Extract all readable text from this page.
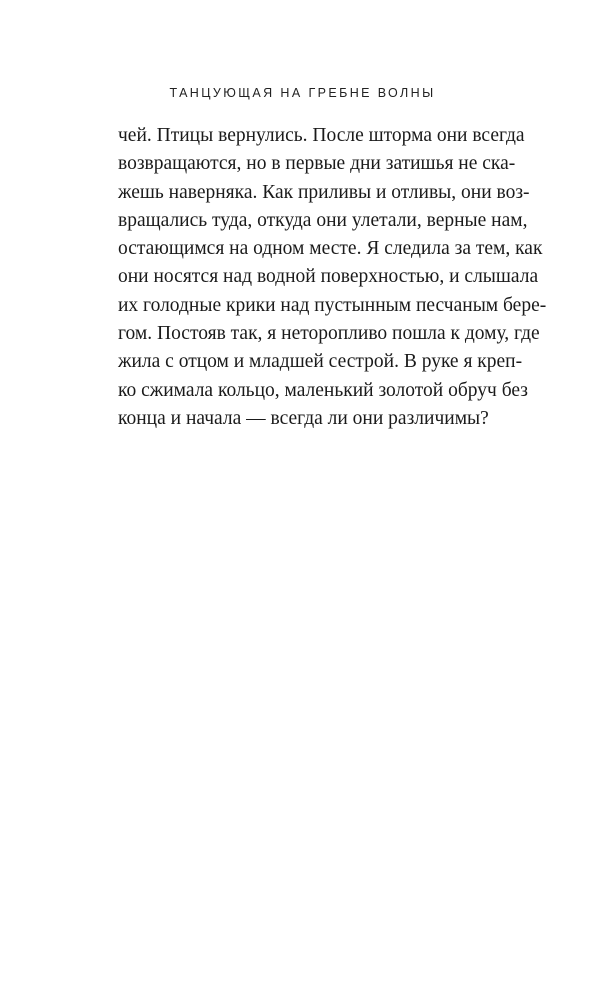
ТАНЦУЮЩАЯ НА ГРЕБНЕ ВОЛНЫ
чей. Птицы вернулись. После шторма они всегда
возвращаются, но в первые дни затишья не ска-
жешь наверняка. Как приливы и отливы, они воз-
вращались туда, откуда они улетали, верные нам,
остающимся на одном месте. Я следила за тем, как
они носятся над водной поверхностью, и слышала
их голодные крики над пустынным песчаным бере-
гом. Постояв так, я неторопливо пошла к дому, где
жила с отцом и младшей сестрой. В руке я креп-
ко сжимала кольцо, маленький золотой обруч без
конца и начала — всегда ли они различимы?
